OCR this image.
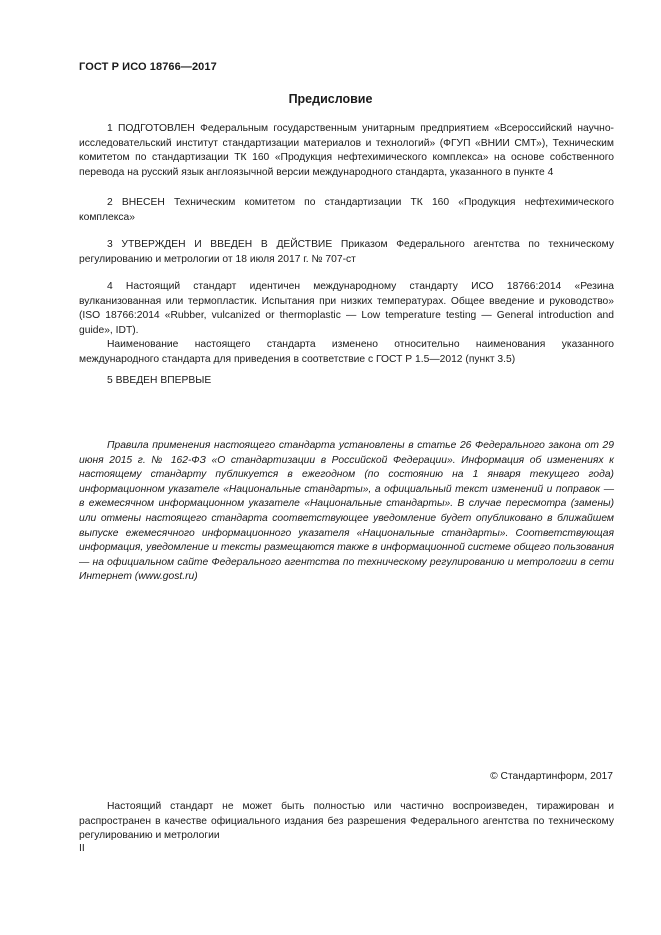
ГОСТ Р ИСО 18766—2017
Предисловие

1 ПОДГОТОВЛЕН Федеральным государственным унитарным предприятием «Всероссийский научно-исследовательский институт стандартизации материалов и технологий» (ФГУП «ВНИИ СМТ»), Техническим комитетом по стандартизации ТК 160 «Продукция нефтехимического комплекса» на основе собственного перевода на русский язык англоязычной версии международного стандарта, указанного в пункте 4

2 ВНЕСЕН Техническим комитетом по стандартизации ТК 160 «Продукция нефтехимического комплекса»

3 УТВЕРЖДЕН И ВВЕДЕН В ДЕЙСТВИЕ Приказом Федерального агентства по техническому регулированию и метрологии от 18 июля 2017 г. № 707-ст

4 Настоящий стандарт идентичен международному стандарту ИСО 18766:2014 «Резина вулканизованная или термопластик. Испытания при низких температурах. Общее введение и руководство» (ISO 18766:2014 «Rubber, vulcanized or thermoplastic — Low temperature testing — General introduction and guide», IDT).

Наименование настоящего стандарта изменено относительно наименования указанного международного стандарта для приведения в соответствие с ГОСТ Р 1.5—2012 (пункт 3.5)

5 ВВЕДЕН ВПЕРВЫЕ

Правила применения настоящего стандарта установлены в статье 26 Федерального закона от 29 июня 2015 г. № 162-ФЗ «О стандартизации в Российской Федерации». Информация об изменениях к настоящему стандарту публикуется в ежегодном (по состоянию на 1 января текущего года) информационном указателе «Национальные стандарты», а официальный текст изменений и поправок — в ежемесячном информационном указателе «Национальные стандарты». В случае пересмотра (замены) или отмены настоящего стандарта соответствующее уведомление будет опубликовано в ближайшем выпуске ежемесячного информационного указателя «Национальные стандарты». Соответствующая информация, уведомление и тексты размещаются также в информационной системе общего пользования — на официальном сайте Федерального агентства по техническому регулированию и метрологии в сети Интернет (www.gost.ru)

© Стандартинформ, 2017

Настоящий стандарт не может быть полностью или частично воспроизведен, тиражирован и распространен в качестве официального издания без разрешения Федерального агентства по техническому регулированию и метрологии

II
